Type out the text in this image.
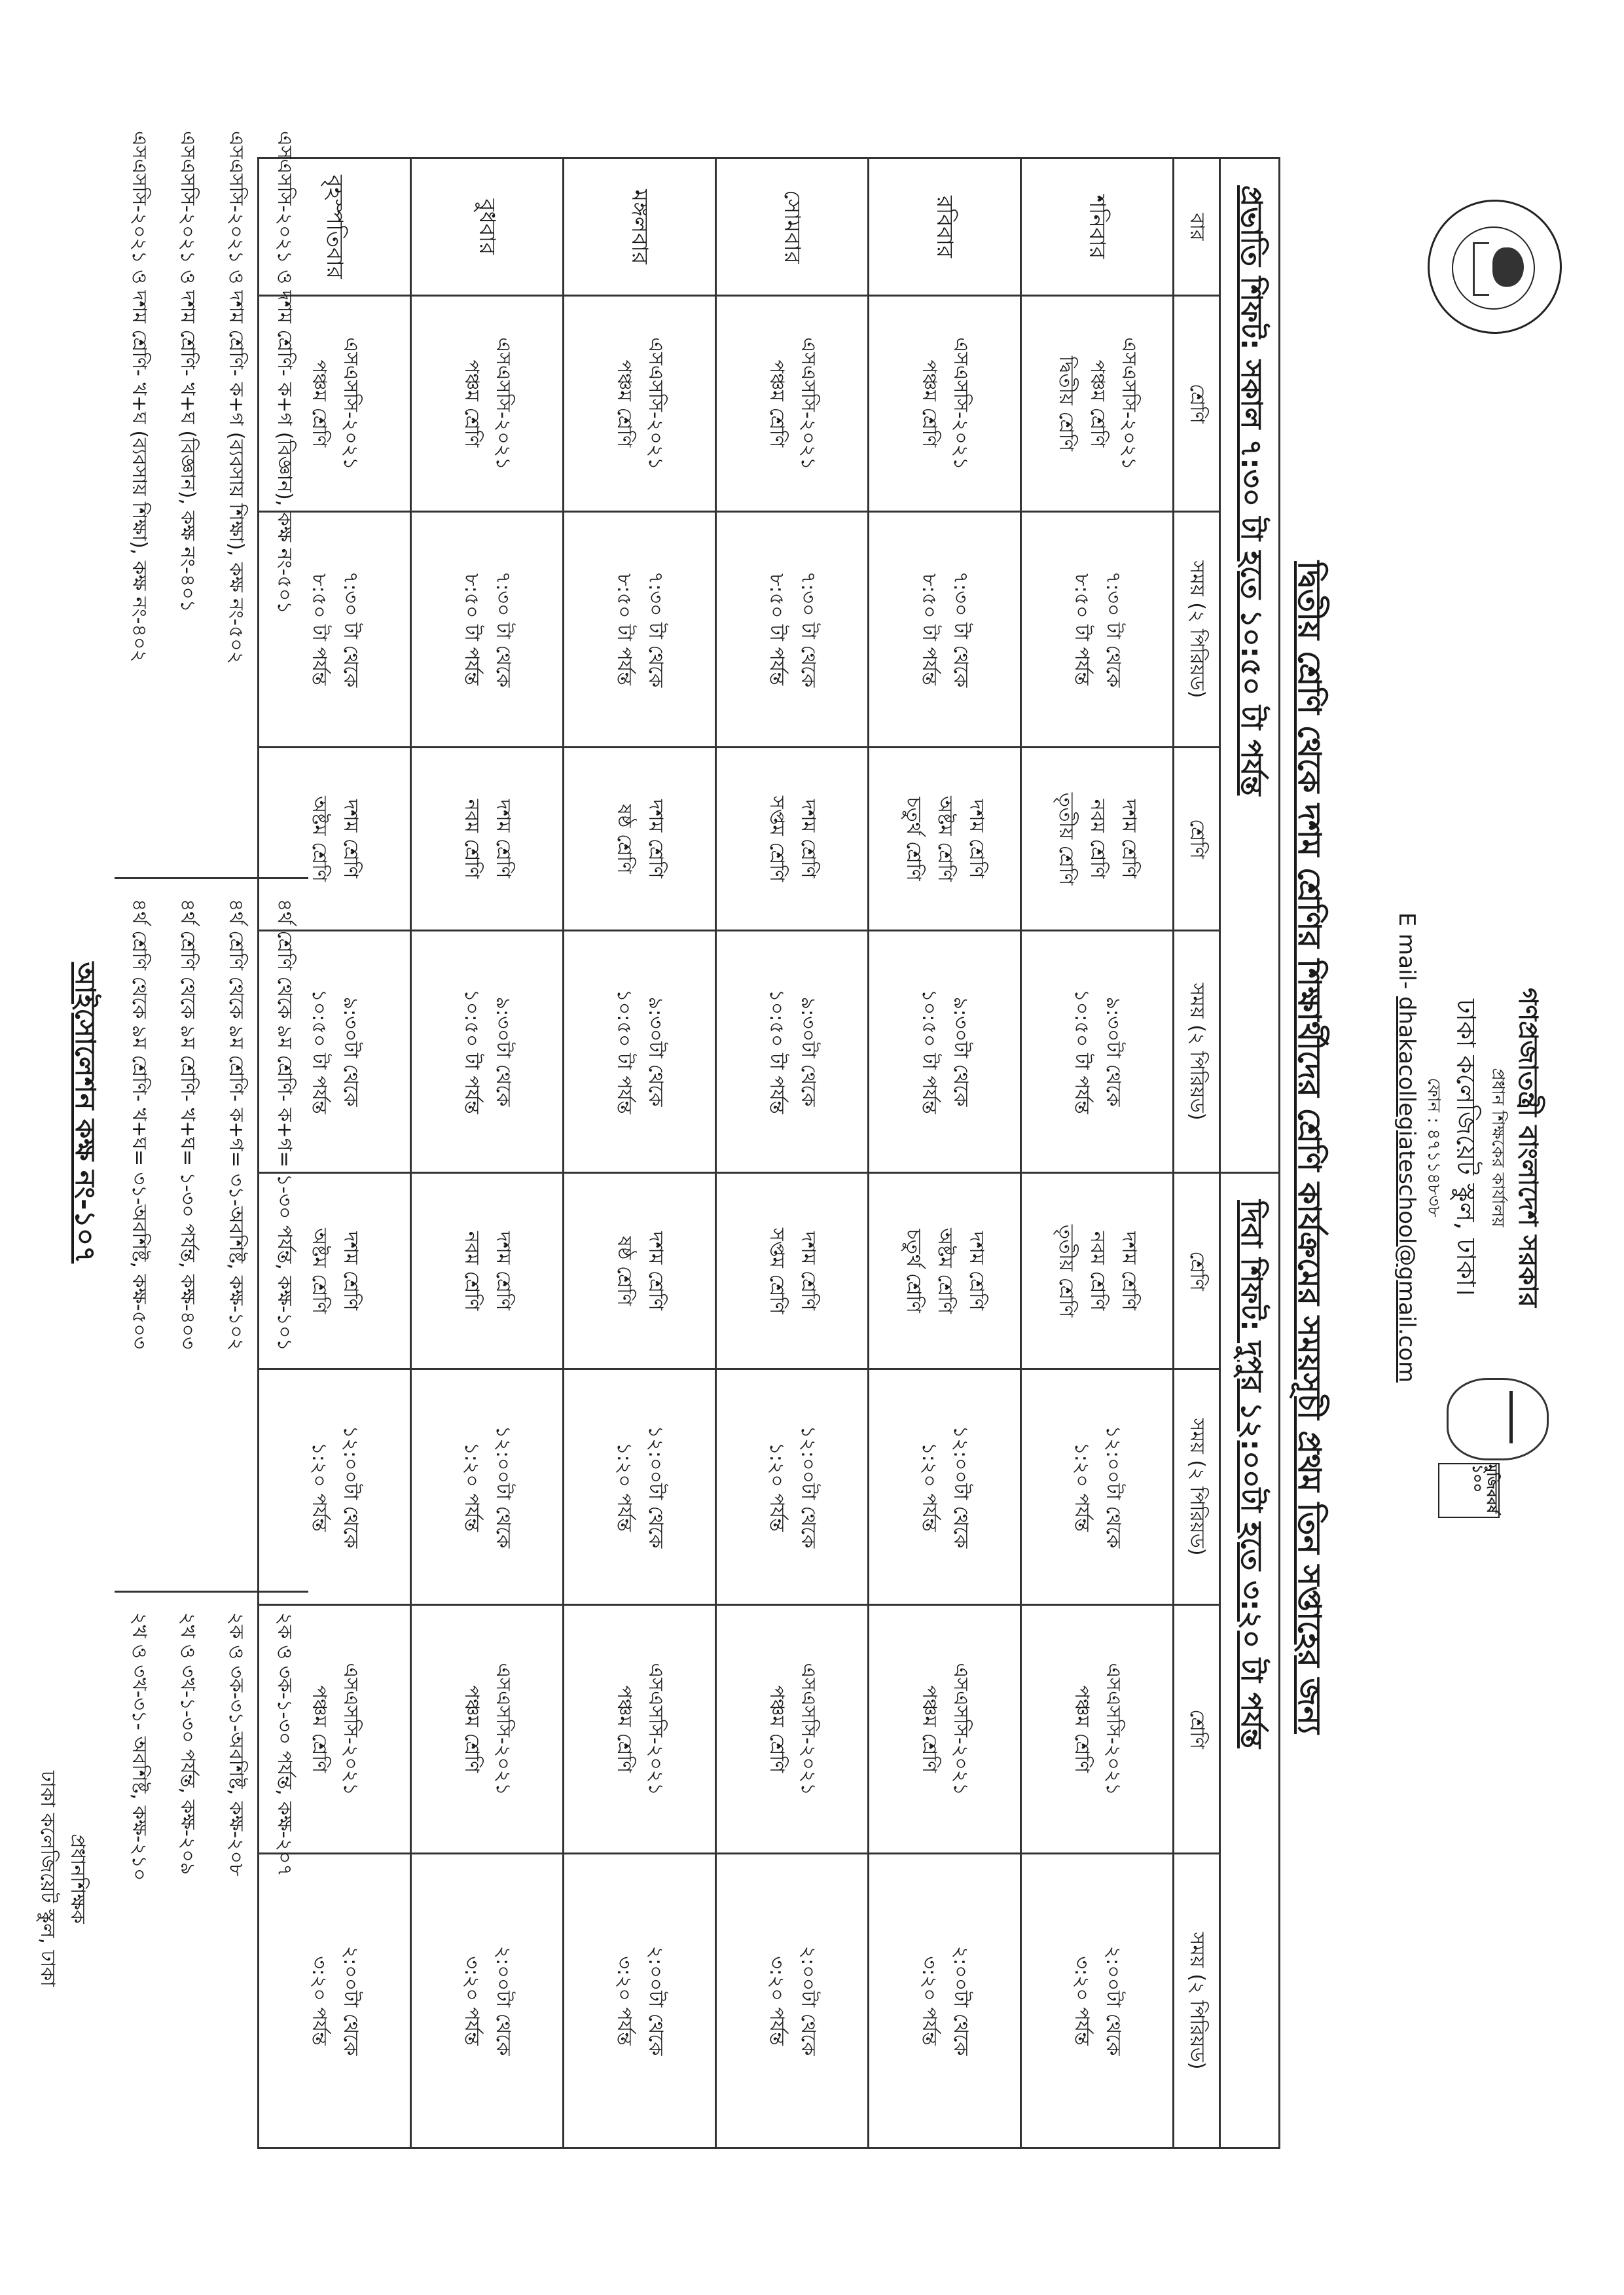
মুজিববর্ষ ১০০
গণপ্রজাতন্ত্রী বাংলাদেশ সরকার
প্রধান শিক্ষকের কার্যালয়
ঢাকা কলেজিয়েট স্কুল, ঢাকা।
ফোন : ৪৭১১৪৮৩৮
E mail- dhakacollegiateschool@gmail.com
দ্বিতীয় শ্রেণি থেকে দশম শ্রেণির শিক্ষার্থীদের শ্রেণি কার্যক্রমের সময়সূচী প্রথম তিন সপ্তাহের জন্য
প্রভাতি শিফট: সকাল ৭:৩০ টা হতে ১০:৫০ টা পর্যন্ত					দিবা শিফট: দুপুর ১২:০০টা হতে ৩:২০ টা পর্যন্ত			
বার	শ্রেণি	সময় (২ পিরিয়ড)	শ্রেণি	সময় (২ পিরিয়ড)	শ্রেণি	সময় (২ পিরিয়ড)	শ্রেণি	সময় (২ পিরিয়ড)
শনিবার	এসএসসি-২০২১
পঞ্চম শ্রেণি
দ্বিতীয় শ্রেণি	৭:৩০ টা থেকে
৮:৫০ টা পর্যন্ত	দশম শ্রেণি
নবম শ্রেণি
তৃতীয় শ্রেণি	৯:৩০টা থেকে
১০:৫০ টা পর্যন্ত	দশম শ্রেণি
নবম শ্রেণি
তৃতীয় শ্রেণি	১২:০০টা থেকে
১:২০ পর্যন্ত	এসএসসি-২০২১
পঞ্চম শ্রেণি	২:০০টা থেকে
৩:২০ পর্যন্ত

রবিবার	এসএসসি-২০২১
পঞ্চম শ্রেণি	৭:৩০ টা থেকে
৮:৫০ টা পর্যন্ত	দশম শ্রেণি
অষ্টম শ্রেণি
চতুর্থ শ্রেণি	৯:৩০টা থেকে
১০:৫০ টা পর্যন্ত	দশম শ্রেণি
অষ্টম শ্রেণি
চতুর্থ শ্রেণি	১২:০০টা থেকে
১:২০ পর্যন্ত	এসএসসি-২০২১
পঞ্চম শ্রেণি	২:০০টা থেকে
৩:২০ পর্যন্ত

সোমবার	এসএসসি-২০২১
পঞ্চম শ্রেণি	৭:৩০ টা থেকে
৮:৫০ টা পর্যন্ত	দশম শ্রেণি
সপ্তম শ্রেণি	৯:৩০টা থেকে
১০:৫০ টা পর্যন্ত	দশম শ্রেণি
সপ্তম শ্রেণি	১২:০০টা থেকে
১:২০ পর্যন্ত	এসএসসি-২০২১
পঞ্চম শ্রেণি	২:০০টা থেকে
৩:২০ পর্যন্ত

মঙ্গলবার	এসএসসি-২০২১
পঞ্চম শ্রেণি	৭:৩০ টা থেকে
৮:৫০ টা পর্যন্ত	দশম শ্রেণি
ষষ্ঠ শ্রেণি	৯:৩০টা থেকে
১০:৫০ টা পর্যন্ত	দশম শ্রেণি
ষষ্ঠ শ্রেণি	১২:০০টা থেকে
১:২০ পর্যন্ত	এসএসসি-২০২১
পঞ্চম শ্রেণি	২:০০টা থেকে
৩:২০ পর্যন্ত

বুধবার	এসএসসি-২০২১
পঞ্চম শ্রেণি	৭:৩০ টা থেকে
৮:৫০ টা পর্যন্ত	দশম শ্রেণি
নবম শ্রেণি	৯:৩০টা থেকে
১০:৫০ টা পর্যন্ত	দশম শ্রেণি
নবম শ্রেণি	১২:০০টা থেকে
১:২০ পর্যন্ত	এসএসসি-২০২১
পঞ্চম শ্রেণি	২:০০টা থেকে
৩:২০ পর্যন্ত

বৃহস্পতিবার	এসএসসি-২০২১
পঞ্চম শ্রেণি	৭:৩০ টা থেকে
৮:৫০ টা পর্যন্ত	দশম শ্রেণি
অষ্টম শ্রেণি	৯:৩০টা থেকে
১০:৫০ টা পর্যন্ত	দশম শ্রেণি
অষ্টম শ্রেণি	১২:০০টা থেকে
১:২০ পর্যন্ত	এসএসসি-২০২১
পঞ্চম শ্রেণি	২:০০টা থেকে
৩:২০ পর্যন্ত
এসএসসি-২০২১ ও দশম শ্রেণি- ক+গ (বিজ্ঞান), কক্ষ নং-৫০১
এসএসসি-২০২১ ও দশম শ্রেণি- ক+গ (ব্যবসায় শিক্ষা), কক্ষ নং-৫০২
এসএসসি-২০২১ ও দশম শ্রেণি- খ+ঘ (বিজ্ঞান), কক্ষ নং-৪০১
এসএসসি-২০২১ ও দশম শ্রেণি- খ+ঘ (ব্যবসায় শিক্ষা), কক্ষ নং-৪০২
৪র্থ শ্রেণি থেকে ৯ম শ্রেণি- ক+গ= ১-৩০ পর্যন্ত, কক্ষ-১০১
৪র্থ শ্রেণি থেকে ৯ম শ্রেণি- ক+গ= ৩১-অবশিষ্ট, কক্ষ-১০২
৪র্থ শ্রেণি থেকে ৯ম শ্রেণি- খ+ঘ= ১-৩০ পর্যন্ত, কক্ষ-৪০৩
৪র্থ শ্রেণি থেকে ৯ম শ্রেণি- খ+ঘ= ৩১-অবশিষ্ট, কক্ষ-৫০৩
২ক ও ৩ক-১-৩০ পর্যন্ত, কক্ষ-২০৭
২ক ও ৩ক-৩১-অবশিষ্ট, কক্ষ-২০৮
২খ ও ৩খ-১-৩০ পর্যন্ত, কক্ষ-২০৯
২খ ও ৩খ-৩১- অবশিষ্ট, কক্ষ-২১০
আইসোলেশন কক্ষ নং-১০৭
প্রধানশিক্ষক
ঢাকা কলেজিয়েট স্কুল, ঢাকা
